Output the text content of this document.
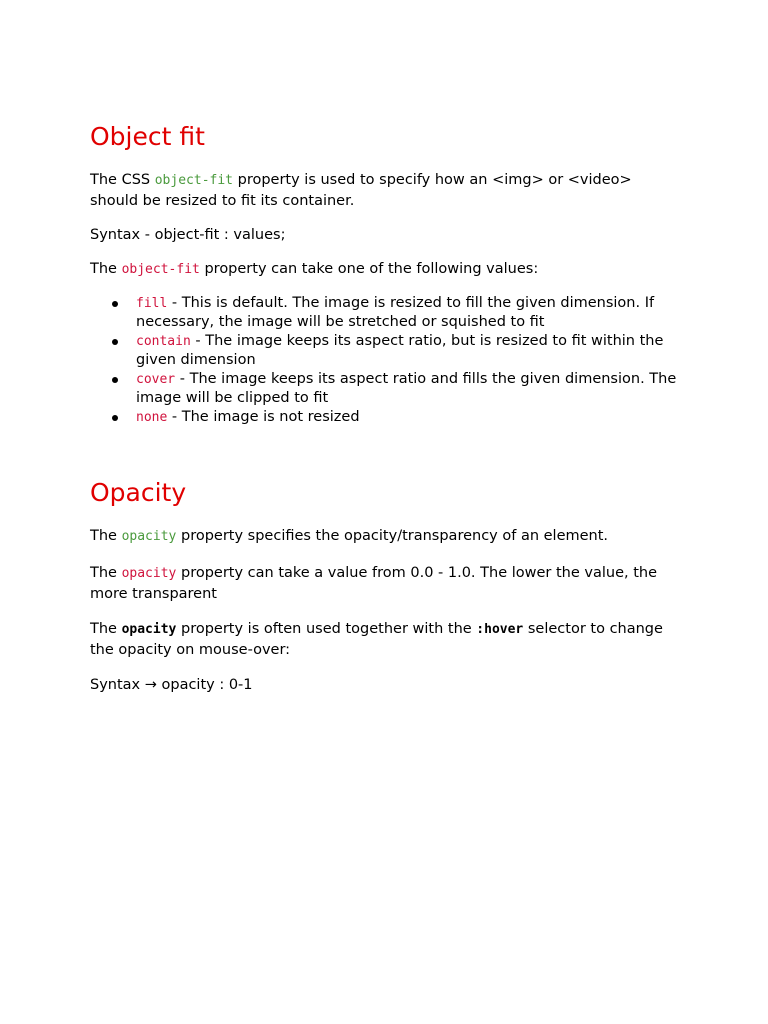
Object fit

The CSS object-fit property is used to specify how an <img> or <video> should be resized to fit its container.

Syntax - object-fit : values;

The object-fit property can take one of the following values:

fill - This is default. The image is resized to fill the given dimension. If necessary, the image will be stretched or squished to fit
contain - The image keeps its aspect ratio, but is resized to fit within the given dimension
cover - The image keeps its aspect ratio and fills the given dimension. The image will be clipped to fit
none - The image is not resized
Opacity

The opacity property specifies the opacity/transparency of an element.

The opacity property can take a value from 0.0 - 1.0. The lower the value, the more transparent

The opacity property is often used together with the :hover selector to change the opacity on mouse-over:

Syntax → opacity : 0-1
